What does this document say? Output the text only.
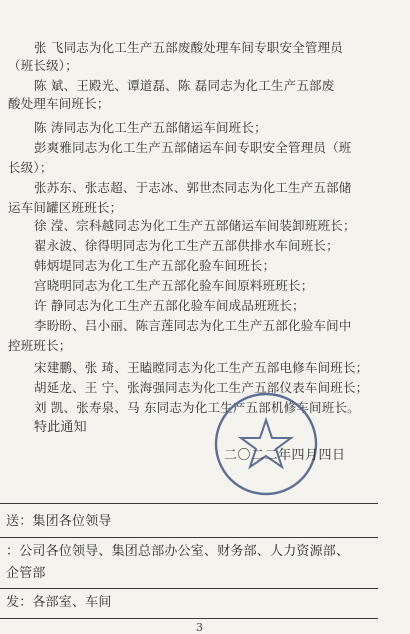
张 飞同志为化工生产五部废酸处理车间专职安全管理员
（班长级）；
陈 斌、王殿光、谭道磊、陈 磊同志为化工生产五部废
酸处理车间班长；
陈 涛同志为化工生产五部储运车间班长；
彭爽雅同志为化工生产五部储运车间专职安全管理员（班
长级）；
张苏东、张志超、于志冰、郭世杰同志为化工生产五部储
运车间罐区班班长；
徐 滢、宗科越同志为化工生产五部储运车间装卸班班长；
翟永波、徐得明同志为化工生产五部供排水车间班长；
韩炳堤同志为化工生产五部化验车间班长；
宫晓明同志为化工生产五部化验车间原料班班长；
许 静同志为化工生产五部化验车间成品班班长；
李盼盼、吕小丽、陈言莲同志为化工生产五部化验车间中
控班班长；
宋建鹏、张 琦、王瞌瞠同志为化工生产五部电修车间班长；
胡延龙、王 宁、张海强同志为化工生产五部仪表车间班长；
刘 凯、张寿泉、马 东同志为化工生产五部机修车间班长。
特此通知
二〇二二年四月四日
送：集团各位领导
：公司各位领导、集团总部办公室、财务部、人力资源部、
企管部
发：各部室、车间
3
